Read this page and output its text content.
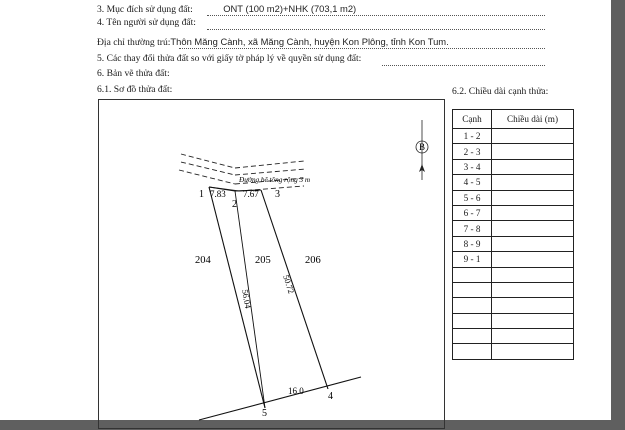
3. Mục đích sử dụng đất:	ONT (100 m2)+NHK (703,1 m2)
4. Tên người sử dụng đất:
Địa chỉ thường trú:Thôn Măng Cành, xã Măng Cành, huyện Kon Plông, tỉnh Kon Tum.
5. Các thay đổi thửa đất so với giấy tờ pháp lý về quyền sử dụng đất:
6. Bản vẽ thửa đất:
6.1. Sơ đồ thửa đất:	6.2. Chiều dài cạnh thửa:
B
Đường bê tông rộng 3 m
1
2
3
4
5
7.83 7.67
50.72
16.0
56.04
204	205	206
Cạnh	Chiều dài (m)
1 - 2	
2 - 3	
3 - 4	
4 - 5	
5 - 6	
6 - 7	
7 - 8	
8 - 9	
9 - 1	
